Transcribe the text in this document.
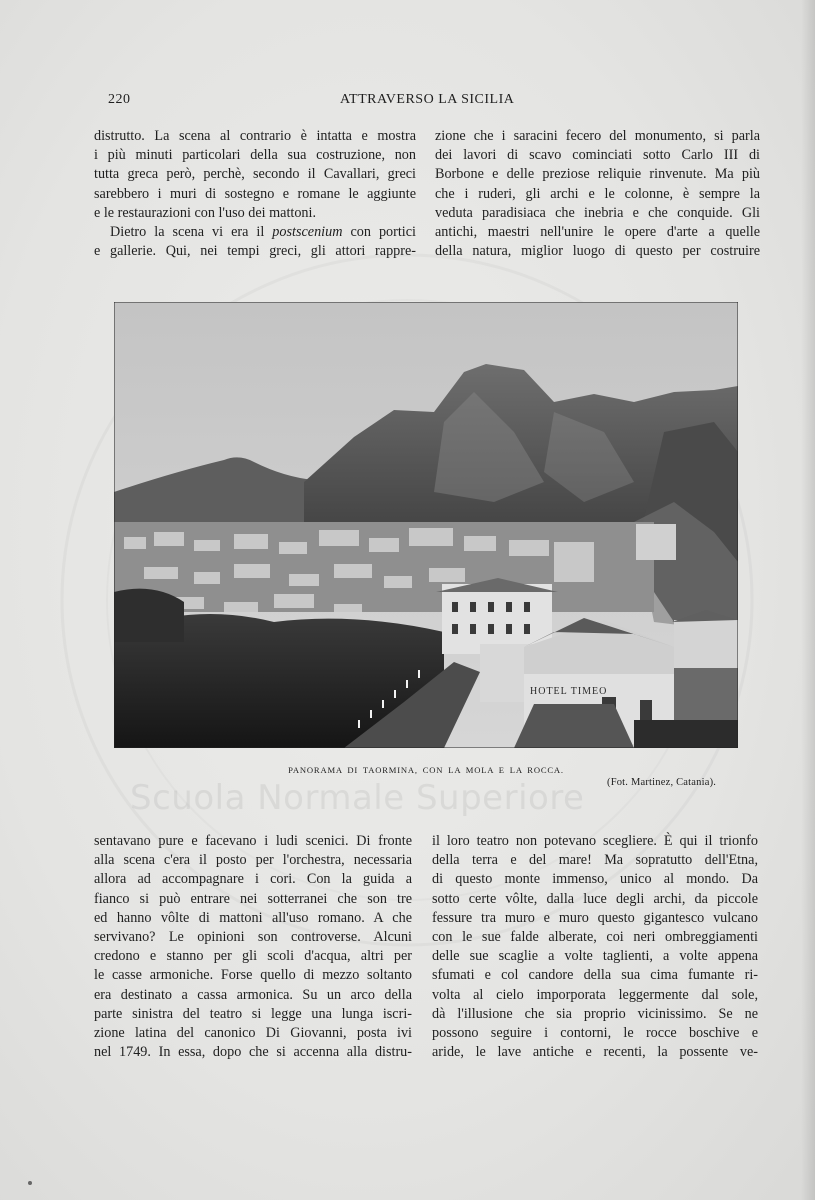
220	ATTRAVERSO LA SICILIA
distrutto. La scena al contrario è intatta e mostra
i più minuti particolari della sua costruzione, non
tutta greca però, perchè, secondo il Cavallari, greci
sarebbero i muri di sostegno e romane le aggiunte
e le restaurazioni con l'uso dei mattoni.
Dietro la scena vi era il postscenium con portici
e gallerie. Qui, nei tempi greci, gli attori rappre-
zione che i saracini fecero del monumento, si parla
dei lavori di scavo cominciati sotto Carlo III di
Borbone e delle preziose reliquie rinvenute. Ma più
che i ruderi, gli archi e le colonne, è sempre la
veduta paradisiaca che inebria e che conquide. Gli
antichi, maestri nell'unire le opere d'arte a quelle
della natura, miglior luogo di questo per costruire
HOTEL TIMEO
PANORAMA DI TAORMINA, CON LA MOLA E LA ROCCA.
(Fot. Martinez, Catania).
Scuola Normale Superiore
sentavano pure e facevano i ludi scenici. Di fronte
alla scena c'era il posto per l'orchestra, necessaria
allora ad accompagnare i cori. Con la guida a
fianco si può entrare nei sotterranei che son tre
ed hanno vôlte di mattoni all'uso romano. A che
servivano? Le opinioni son controverse. Alcuni
credono e stanno per gli scoli d'acqua, altri per
le casse armoniche. Forse quello di mezzo soltanto
era destinato a cassa armonica. Su un arco della
parte sinistra del teatro si legge una lunga iscri-
zione latina del canonico Di Giovanni, posta ivi
nel 1749. In essa, dopo che si accenna alla distru-
il loro teatro non potevano scegliere. È qui il trionfo
della terra e del mare! Ma sopratutto dell'Etna,
di questo monte immenso, unico al mondo. Da
sotto certe vôlte, dalla luce degli archi, da piccole
fessure tra muro e muro questo gigantesco vulcano
con le sue falde alberate, coi neri ombreggiamenti
delle sue scaglie a volte taglienti, a volte appena
sfumati e col candore della sua cima fumante ri-
volta al cielo imporporata leggermente dal sole,
dà l'illusione che sia proprio vicinissimo. Se ne
possono seguire i contorni, le rocce boschive e
aride, le lave antiche e recenti, la possente ve-
